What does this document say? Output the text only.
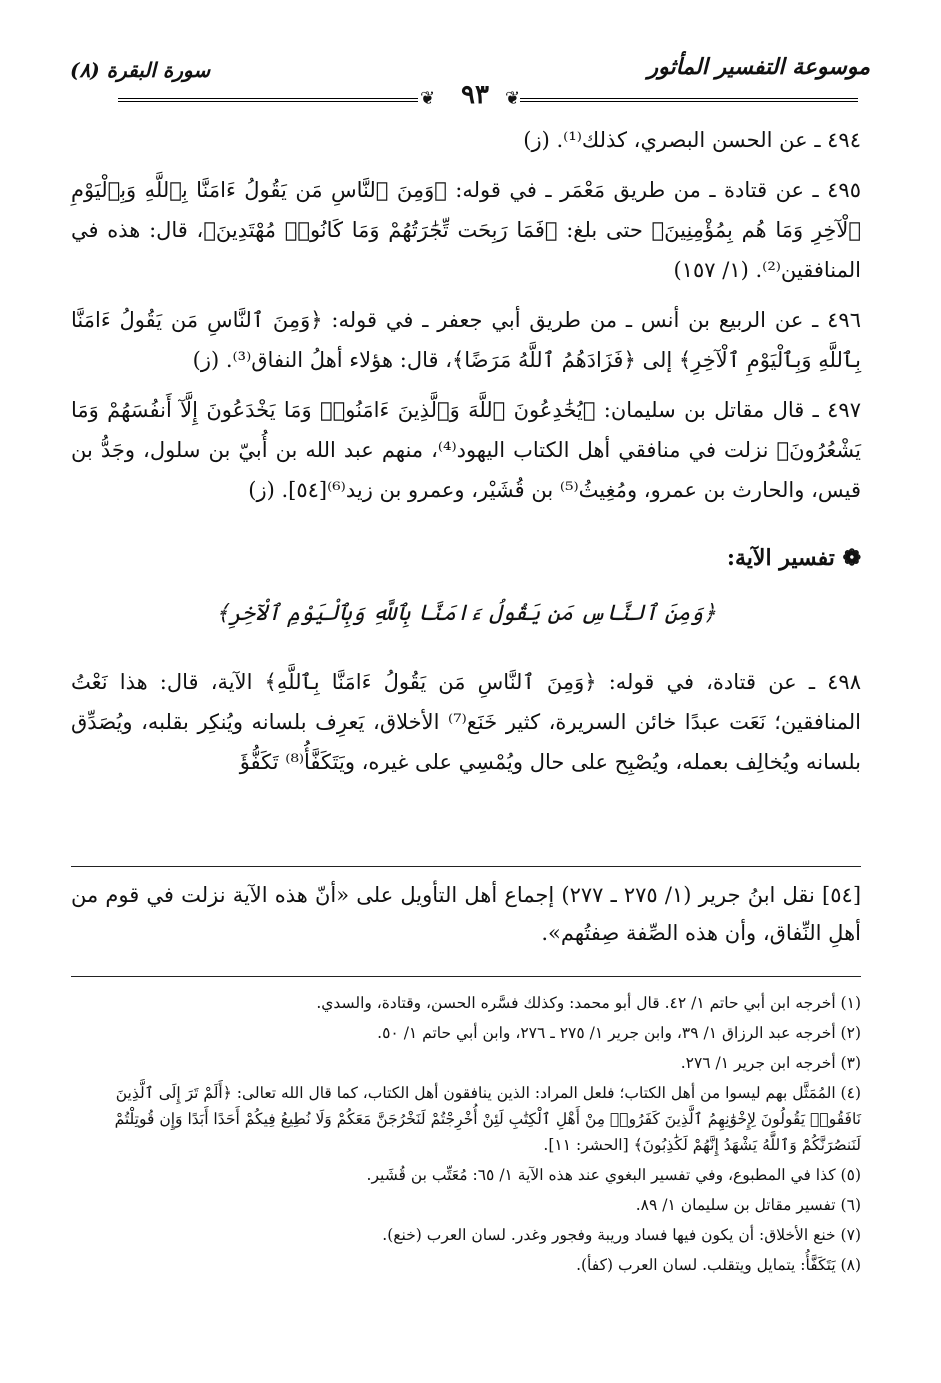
موسوعة التفسير المأثور
سورة البقرة (٨)
٩٣
❦	❦

٤٩٤ ـ عن الحسن البصري، كذلك⁽¹⁾. (ز)

٤٩٥ ـ عن قتادة ـ من طريق مَعْمَر ـ في قوله: ﴿وَمِنَ ٱلنَّاسِ مَن يَقُولُ ءَامَنَّا بِٱللَّهِ وَبِٱلْيَوْمِ ٱلْآخِرِ وَمَا هُم بِمُؤْمِنِينَ﴾ حتى بلغ: ﴿فَمَا رَبِحَت تِّجَٰرَتُهُمْ وَمَا كَانُوا۟ مُهْتَدِينَ﴾، قال: هذه في المنافقين⁽²⁾. (١/ ١٥٧)

٤٩٦ ـ عن الربيع بن أنس ـ من طريق أبي جعفر ـ في قوله: ﴿وَمِنَ ٱلنَّاسِ مَن يَقُولُ ءَامَنَّا بِٱللَّهِ وَبِٱلْيَوْمِ ٱلْآخِرِ﴾ إلى ﴿فَزَادَهُمُ ٱللَّهُ مَرَضًا﴾، قال: هؤلاء أهلُ النفاق⁽³⁾. (ز)

٤٩٧ ـ قال مقاتل بن سليمان: ﴿يُخَٰدِعُونَ ٱللَّهَ وَٱلَّذِينَ ءَامَنُوا۟ وَمَا يَخْدَعُونَ إِلَّآ أَنفُسَهُمْ وَمَا يَشْعُرُونَ﴾ نزلت في منافقي أهل الكتاب اليهود⁽⁴⁾، منهم عبد الله بن أُبيّ بن سلول، وجَدُّ بن قيس، والحارث بن عمرو، ومُغِيثُ⁽⁵⁾ بن قُشَيْر، وعمرو بن زيد⁽⁶⁾[٥٤]. (ز)

❁ تفسير الآية:
﴿وَمِنَ ٱلنَّاسِ مَن يَقُولُ ءَامَنَّا بِٱللَّهِ وَبِٱلْيَوْمِ ٱلْآخِرِ﴾

٤٩٨ ـ عن قتادة، في قوله: ﴿وَمِنَ ٱلنَّاسِ مَن يَقُولُ ءَامَنَّا بِٱللَّهِ﴾ الآية، قال: هذا نَعْتُ المنافقين؛ نَعَت عبدًا خائن السريرة، كثير خَنَع⁽⁷⁾ الأخلاق، يَعرِف بلسانه ويُنكِر بقلبه، ويُصَدِّق بلسانه ويُخالِف بعمله، ويُصْبِح على حال ويُمْسِي على غيره، ويَتَكَفَّأُ⁽⁸⁾ تَكَفُّؤَ

[٥٤] نقل ابنُ جرير (١/ ٢٧٥ ـ ٢٧٧) إجماع أهل التأويل على «أنّ هذه الآية نزلت في قوم من أهلِ النِّفاق، وأن هذه الصِّفة صِفتُهم».
(١) أخرجه ابن أبي حاتم ١/ ٤٢. قال أبو محمد: وكذلك فسَّره الحسن، وقتادة، والسدي.
(٢) أخرجه عبد الرزاق ١/ ٣٩، وابن جرير ١/ ٢٧٥ ـ ٢٧٦، وابن أبي حاتم ١/ ٥٠.
(٣) أخرجه ابن جرير ١/ ٢٧٦.
(٤) المُمَثَّل بهم ليسوا من أهل الكتاب؛ فلعل المراد: الذين ينافقون أهل الكتاب، كما قال الله تعالى: ﴿أَلَمْ تَرَ إِلَى ٱلَّذِينَ نَافَقُوا۟ يَقُولُونَ لِإِخْوَٰنِهِمُ ٱلَّذِينَ كَفَرُوا۟ مِنْ أَهْلِ ٱلْكِتَٰبِ لَئِنْ أُخْرِجْتُمْ لَنَخْرُجَنَّ مَعَكُمْ وَلَا نُطِيعُ فِيكُمْ أَحَدًا أَبَدًا وَإِن قُوتِلْتُمْ لَنَنصُرَنَّكُمْ وَٱللَّهُ يَشْهَدُ إِنَّهُمْ لَكَٰذِبُونَ﴾ [الحشر: ١١].
(٥) كذا في المطبوع، وفي تفسير البغوي عند هذه الآية ١/ ٦٥: مُعَتِّب بن قُشَير.
(٦) تفسير مقاتل بن سليمان ١/ ٨٩.
(٧) خنع الأخلاق: أن يكون فيها فساد وريبة وفجور وغدر. لسان العرب (خنع).
(٨) يَتَكَفَّأُ: يتمايل ويتقلب. لسان العرب (كفأ).
